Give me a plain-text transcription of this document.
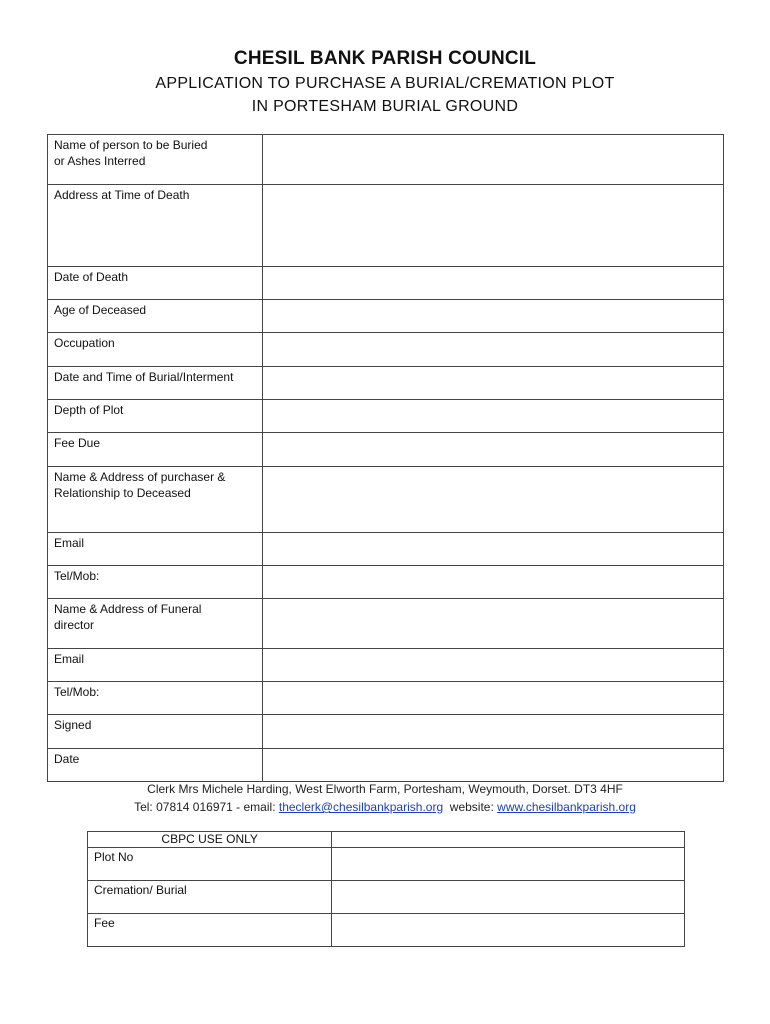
CHESIL BANK PARISH COUNCIL
APPLICATION TO PURCHASE A BURIAL/CREMATION PLOT
IN PORTESHAM BURIAL GROUND
Name of person to be Buried
or Ashes Interred	
Address at Time of Death	
Date of Death	
Age of Deceased	
Occupation	
Date and Time of Burial/Interment	
Depth of Plot	
Fee Due	
Name & Address of purchaser &
Relationship to Deceased	
Email	
Tel/Mob:	
Name & Address of Funeral
director	
Email	
Tel/Mob:	
Signed	
Date	
Clerk Mrs Michele Harding, West Elworth Farm, Portesham, Weymouth, Dorset. DT3 4HF
Tel: 07814 016971 - email: theclerk@chesilbankparish.org  website: www.chesilbankparish.org
CBPC USE ONLY	
Plot No	
Cremation/ Burial	
Fee	
